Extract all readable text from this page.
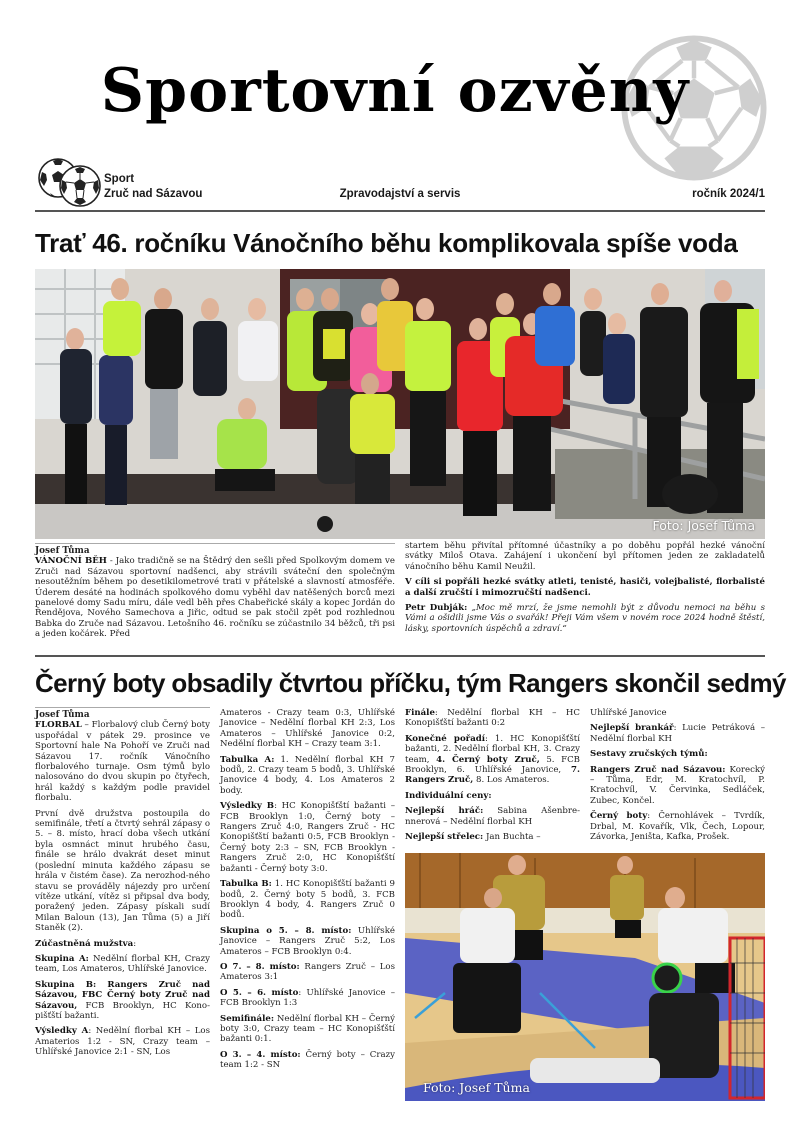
Sportovní ozvěny
Sport
Zruč nad Sázavou	Zpravodajství a servis	ročník 2024/1
Trať 46. ročníku Vánočního běhu komplikovala spíše voda
Foto: Josef Tůma
Josef Tůma

VÁNOČNÍ BĚH - Jako tradičně se na Štědrý den sešli před Spolkovým domem ve Zruči nad Sázavou sportovní nadšenci, aby strávili sváteční den společným nesoutěžním během po desetikilometrové trati v přátelské a slavností atmosféře. Úderem desáté na hodinách spolkového domu vyběhl dav natěšených borců mezi panelové domy Sadu míru, dále vedl běh přes Chabeřické skály a kopec Jordán do Řendějova, Nového Samechova a Jiřic, odtud se pak stočil zpět pod rozhlednou Babka do Zruče nad Sázavou. Letošního 46. ročníku se zúčastnilo 34 běžců, tři psi a jeden kočárek. Před

startem běhu přivítal přítomné účastníky a po doběhu popřál hezké vánoční svátky Miloš Otava. Zahájení i ukončení byl přítomen jeden ze zakladatelů vánočního běhu Kamil Neužil.

V cíli si popřáli hezké svátky atleti, tenisté, hasiči, volejbalisté, florbalisté a další zručští i mimozručští nadšenci.

Petr Dubják: „Moc mě mrzí, že jsme nemohli být z důvodu nemoci na běhu s Vámi a ošidili jsme Vás o svařák! Přeji Vám všem v novém roce 2024 hodně štěstí, lásky, sportovních úspěchů a zdraví.“

Černý boty obsadily čtvrtou příčku, tým Rangers skončil sedmý
Josef Tůma

FLORBAL – Florbalový club Černý boty uspořádal v pátek 29. prosince ve Sportovní hale Na Pohoří ve Zruči nad Sázavou 17. ročník Vánočního florbalového turnaje. Osm týmů bylo nalosováno do dvou skupin po čtyřech, hrál každý s každým podle pravidel florbalu.

První dvě družstva postoupila do semifinále, třetí a čtvrtý sehrál zápasy o 5. – 8. místo, hrací doba všech utkání byla osmnáct minut hrubého času, finále se hrálo dvakrát deset minut (poslední minuta každého zápasu se hrála v čistém čase). Za nerozhod-ného stavu se prováděly nájezdy pro určení vítěze utkání, vítěz si připsal dva body, poražený jeden. Zápasy pískali sudí Milan Baloun (13), Jan Tůma (5) a Jiří Staněk (2).

Zúčastněná mužstva:

Skupina A: Nedělní florbal KH, Crazy team, Los Amateros, Uhlířské Janovice.

Skupina B: Rangers Zruč nad Sázavou, FBC Černý boty Zruč nad Sázavou, FCB Brooklyn, HC Kono-pišťští bažanti.

Výsledky A: Nedělní florbal KH – Los Amaterios 1:2 - SN, Crazy team – Uhlířské Janovice 2:1 - SN, Los

Amateros - Crazy team 0:3, Uhlířské Janovice – Nedělní florbal KH 2:3, Los Amateros – Uhlířské Janovice 0:2, Nedělní florbal KH – Crazy team 3:1.

Tabulka A: 1. Nedělní florbal KH 7 bodů, 2. Crazy team 5 bodů, 3. Uhlířské Janovice 4 body, 4. Los Amateros 2 body.

Výsledky B: HC Konopišťští bažanti – FCB Brooklyn 1:0, Černý boty – Rangers Zruč 4:0, Rangers Zruč - HC Konopišťští bažanti 0:5, FCB Brooklyn - Černý boty 2:3 – SN, FCB Brooklyn - Rangers Zruč 2:0, HC Konopišťští bažanti - Černý boty 3:0.

Tabulka B: 1. HC Konopišťští bažanti 9 bodů, 2. Černý boty 5 bodů, 3. FCB Brooklyn 4 body, 4. Rangers Zruč 0 bodů.

Skupina o 5. – 8. místo: Uhlířské Janovice – Rangers Zruč 5:2, Los Amateros – FCB Brooklyn 0:4.

O 7. – 8. místo: Rangers Zruč – Los Amateros 3:1

O 5. – 6. místo: Uhlířské Janovice – FCB Brooklyn 1:3

Semifinále: Nedělní florbal KH – Černý boty 3:0, Crazy team – HC Konopišťští bažanti 0:1.

O 3. – 4. místo: Černý boty – Crazy team 1:2 - SN

Finále: Nedělní florbal KH – HC Konopišťští bažanti 0:2

Konečné pořadí: 1. HC Konopišťští bažanti, 2. Nedělní florbal KH, 3. Crazy team, 4. Černý boty Zruč, 5. FCB Brooklyn, 6. Uhlířské Janovice, 7. Rangers Zruč, 8. Los Amateros.

Individuální ceny:

Nejlepší hráč: Sabina Ašenbre-nnerová – Nedělní florbal KH

Nejlepší střelec: Jan Buchta –

Uhlířské Janovice

Nejlepší brankář: Lucie Petráková – Nedělní florbal KH

Sestavy zručských týmů:

Rangers Zruč nad Sázavou: Korecký – Tůma, Edr, M. Kratochvíl, P. Kratochvíl, V. Červinka, Sedláček, Zubec, Končel.

Černý boty: Černohlávek – Tvrdík, Drbal, M. Kovařík, Vlk, Čech, Lopour, Závorka, Jeništa, Kafka, Prošek.

Foto: Josef Tůma
